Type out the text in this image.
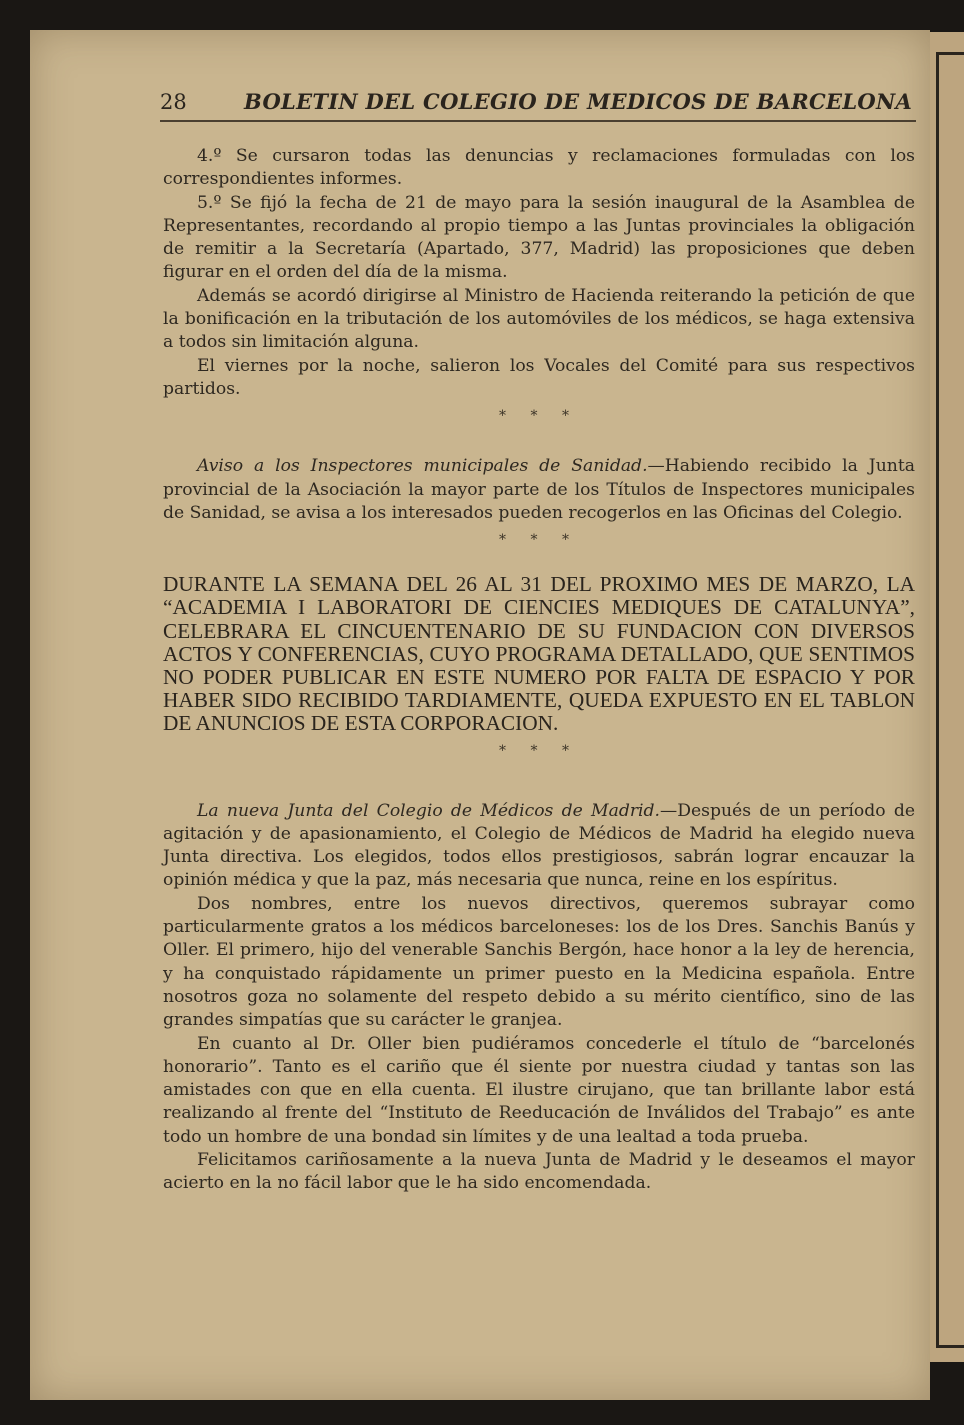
28	BOLETIN DEL COLEGIO DE MEDICOS DE BARCELONA

4.º Se cursaron todas las denuncias y reclamaciones formuladas con los correspondientes informes.

5.º Se fijó la fecha de 21 de mayo para la sesión inaugural de la Asamblea de Representantes, recordando al propio tiempo a las Juntas provinciales la obligación de remitir a la Secretaría (Apartado, 377, Madrid) las proposiciones que deben figurar en el orden del día de la misma.

Además se acordó dirigirse al Ministro de Hacienda reiterando la petición de que la bonificación en la tributación de los automóviles de los médicos, se haga extensiva a todos sin limitación alguna.

El viernes por la noche, salieron los Vocales del Comité para sus respectivos partidos.

* * *

Aviso a los Inspectores municipales de Sanidad.—Habiendo recibido la Junta provincial de la Asociación la mayor parte de los Títulos de Inspectores municipales de Sanidad, se avisa a los interesados pueden recogerlos en las Oficinas del Colegio.

* * *

DURANTE LA SEMANA DEL 26 AL 31 DEL PROXIMO MES DE MARZO, LA “ACADEMIA I LABORATORI DE CIENCIES MEDIQUES DE CATALUNYA”, CELEBRARA EL CINCUENTENARIO DE SU FUNDACION CON DIVERSOS ACTOS Y CONFERENCIAS, CUYO PROGRAMA DETALLADO, QUE SENTIMOS NO PODER PUBLICAR EN ESTE NUMERO POR FALTA DE ESPACIO Y POR HABER SIDO RECIBIDO TARDIAMENTE, QUEDA EXPUESTO EN EL TABLON DE ANUNCIOS DE ESTA CORPORACION.

* * *

La nueva Junta del Colegio de Médicos de Madrid.—Después de un período de agitación y de apasionamiento, el Colegio de Médicos de Madrid ha elegido nueva Junta directiva. Los elegidos, todos ellos prestigiosos, sabrán lograr encauzar la opinión médica y que la paz, más necesaria que nunca, reine en los espíritus.

Dos nombres, entre los nuevos directivos, queremos subrayar como particularmente gratos a los médicos barceloneses: los de los Dres. Sanchis Banús y Oller. El primero, hijo del venerable Sanchis Bergón, hace honor a la ley de herencia, y ha conquistado rápidamente un primer puesto en la Medicina española. Entre nosotros goza no solamente del respeto debido a su mérito científico, sino de las grandes simpatías que su carácter le granjea.

En cuanto al Dr. Oller bien pudiéramos concederle el título de “barcelonés honorario”. Tanto es el cariño que él siente por nuestra ciudad y tantas son las amistades con que en ella cuenta. El ilustre cirujano, que tan brillante labor está realizando al frente del “Instituto de Reeducación de Inválidos del Trabajo” es ante todo un hombre de una bondad sin límites y de una lealtad a toda prueba.

Felicitamos cariñosamente a la nueva Junta de Madrid y le deseamos el mayor acierto en la no fácil labor que le ha sido encomendada.
